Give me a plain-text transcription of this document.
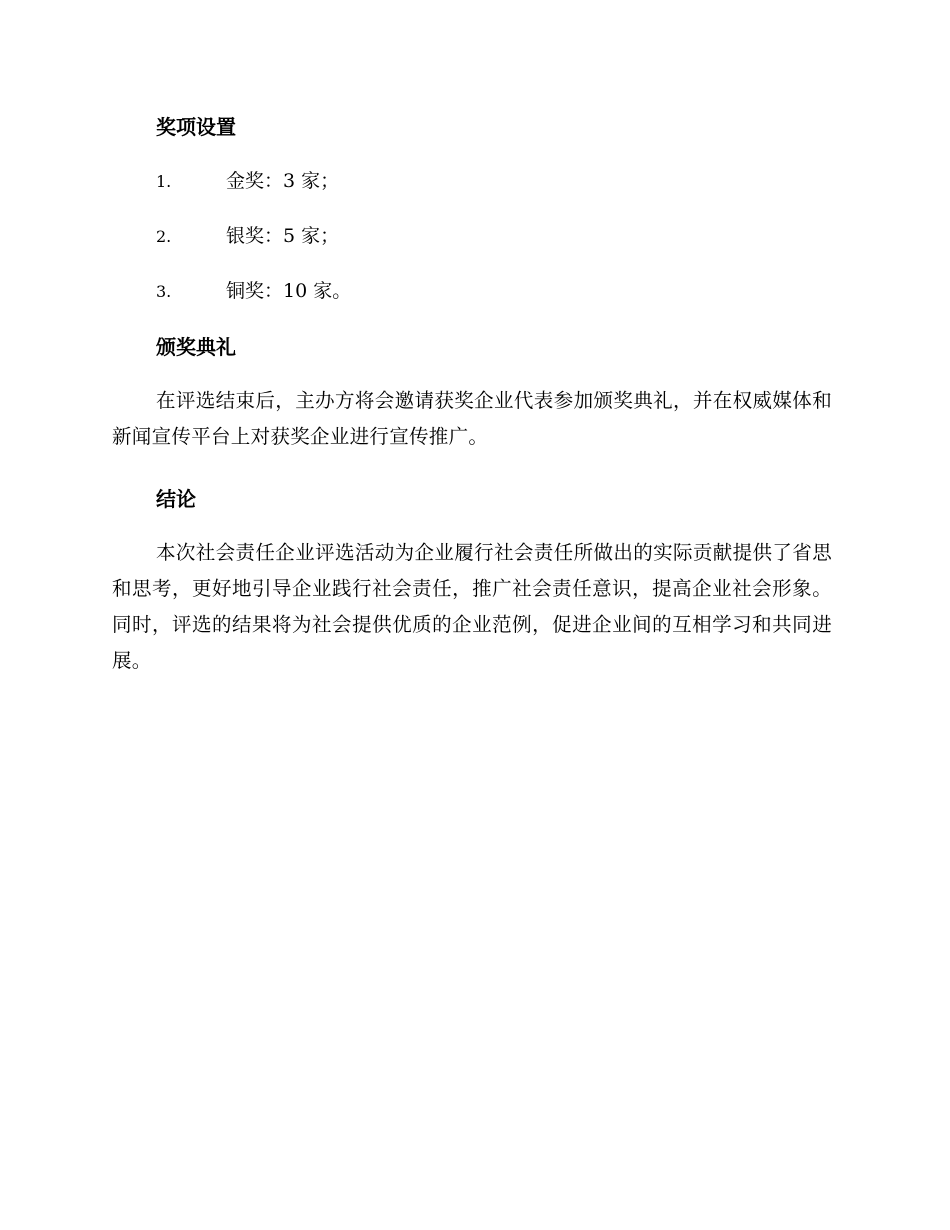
奖项设置
1.	金奖：3 家；
2.	银奖：5 家；
3.	铜奖：10 家。
颁奖典礼
在评选结束后，主办方将会邀请获奖企业代表参加颁奖典礼，并在权威媒体和新闻宣传平台上对获奖企业进行宣传推广。
结论
本次社会责任企业评选活动为企业履行社会责任所做出的实际贡献提供了省思和思考，更好地引导企业践行社会责任，推广社会责任意识，提高企业社会形象。同时，评选的结果将为社会提供优质的企业范例，促进企业间的互相学习和共同进展。
